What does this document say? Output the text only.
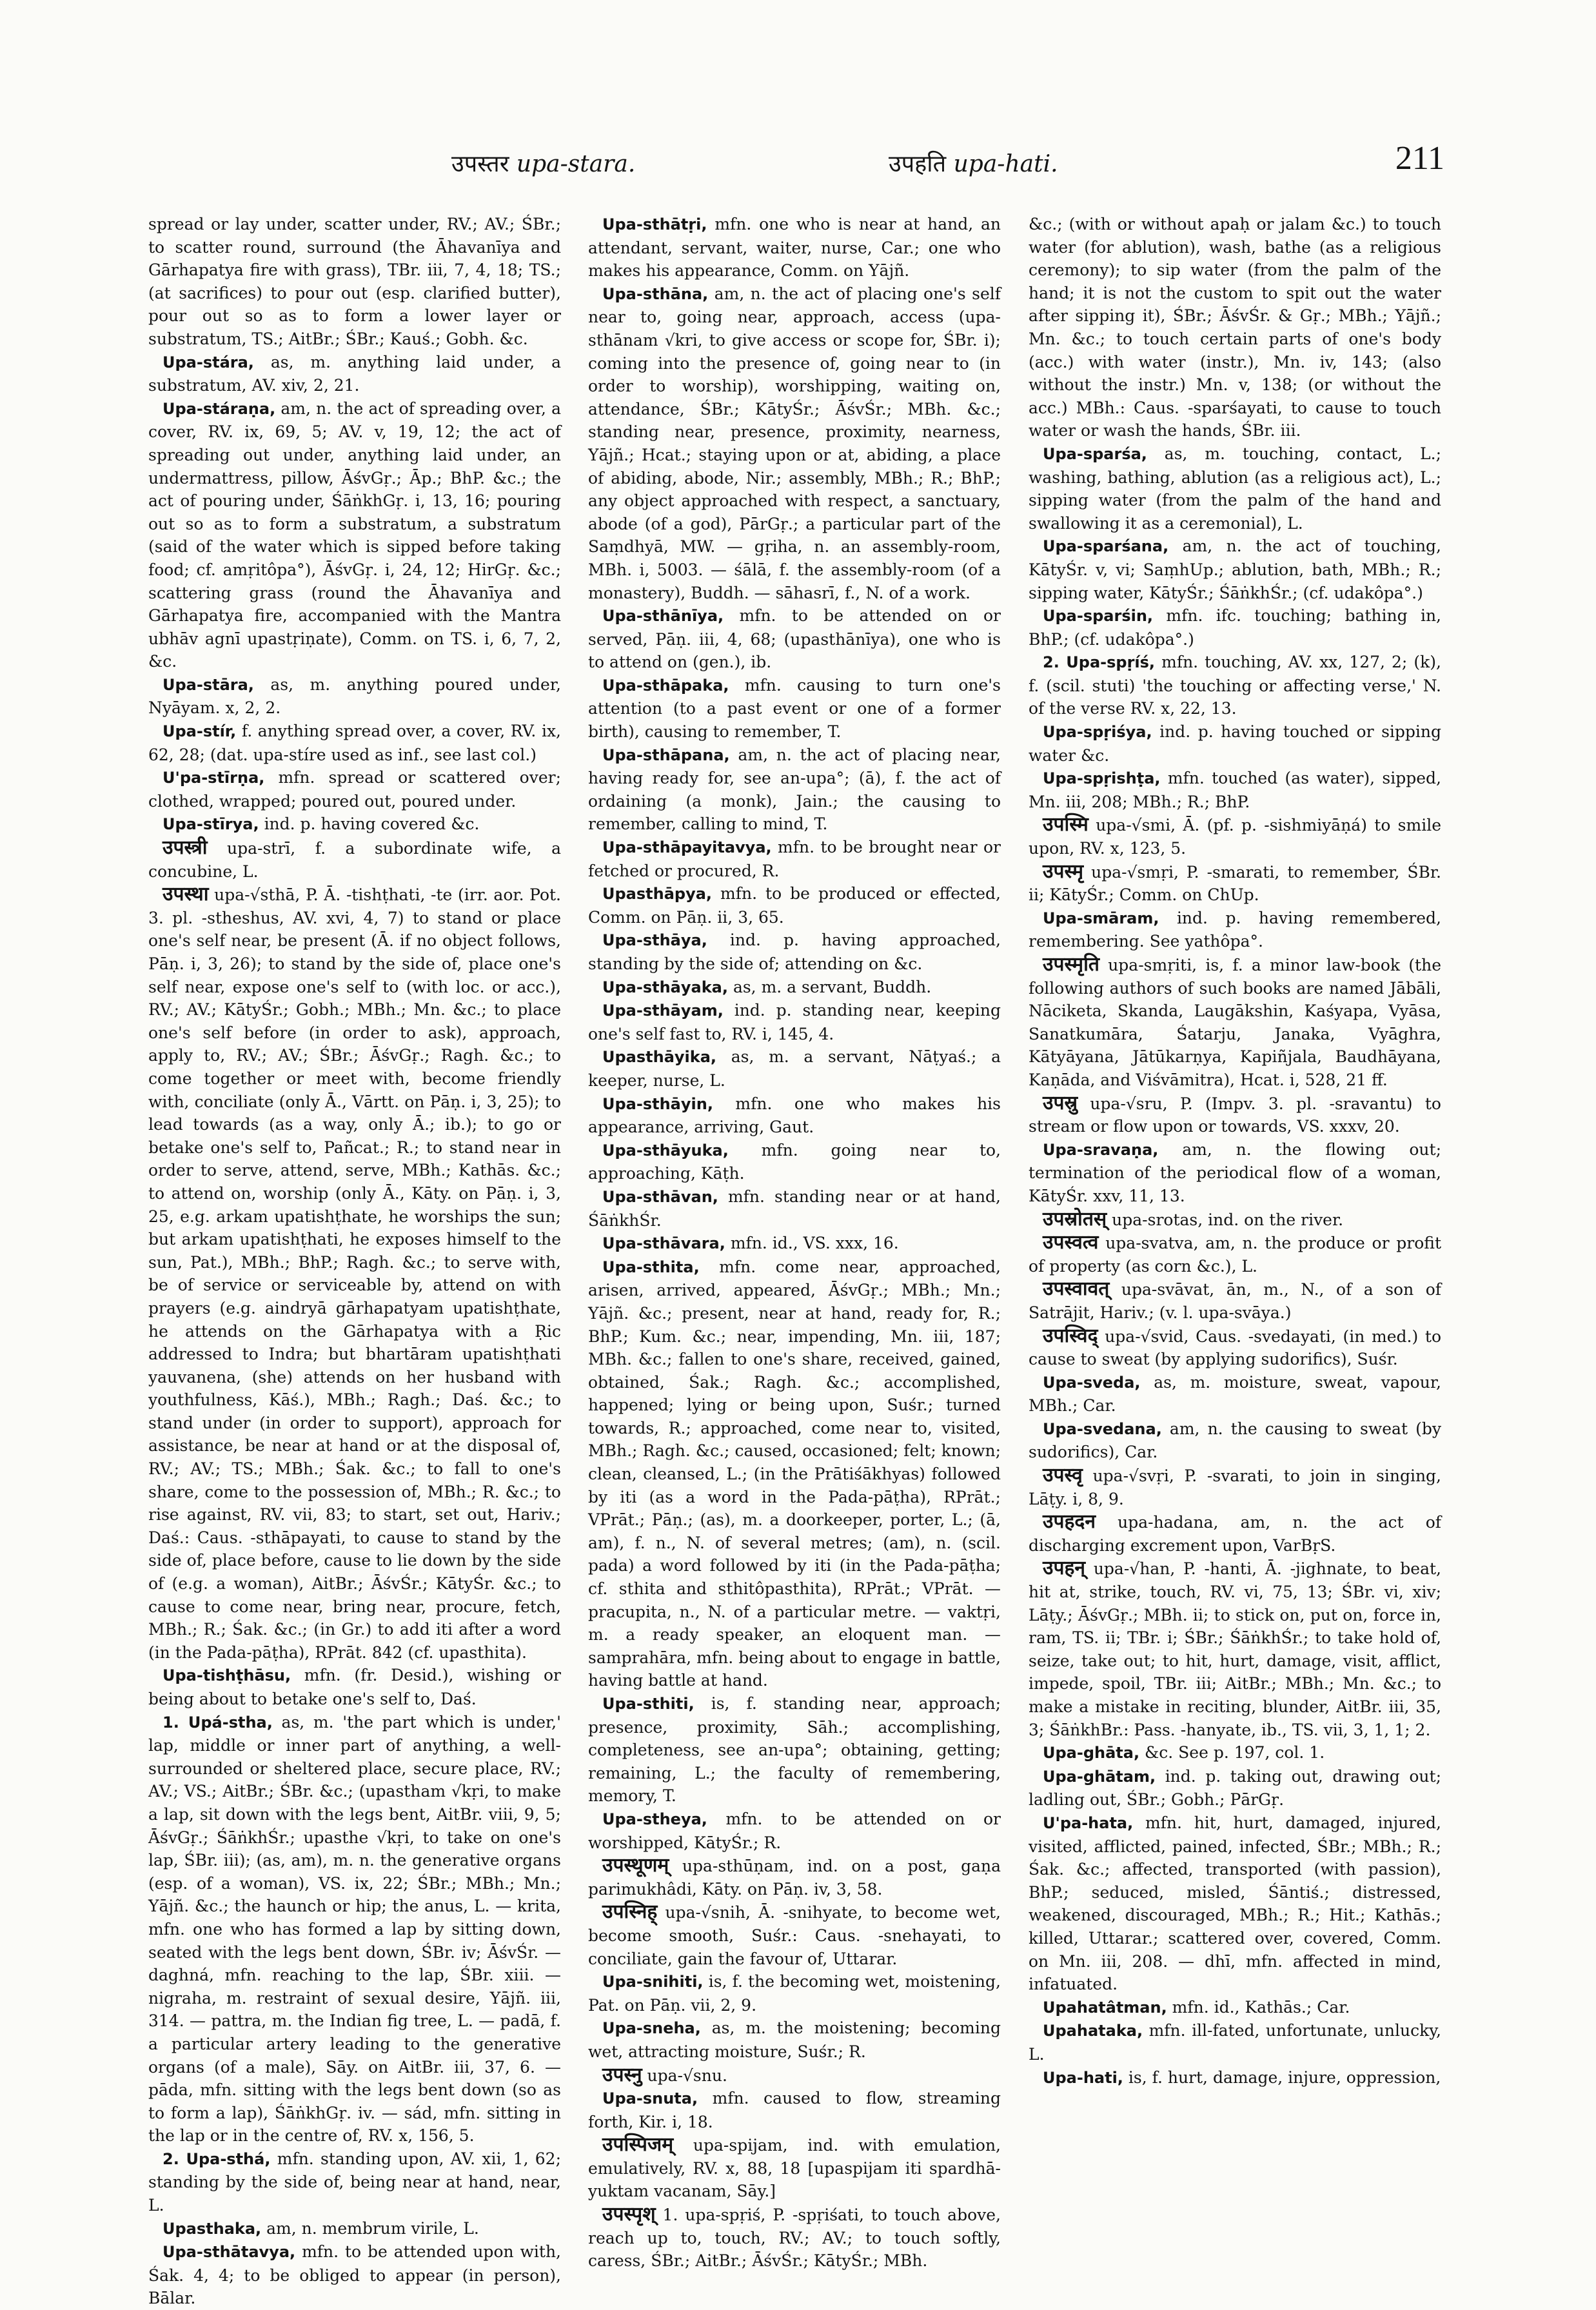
उपस्तर upa-stara.	उपहति upa-hati.	211

spread or lay under, scatter under, RV.; AV.; ŚBr.; to scatter round, surround (the Āhavanīya and Gārhapatya fire with grass), TBr. iii, 7, 4, 18; TS.; (at sacrifices) to pour out (esp. clarified butter), pour out so as to form a lower layer or substratum, TS.; AitBr.; ŚBr.; Kauś.; Gobh. &c.

Upa-stára, as, m. anything laid under, a substratum, AV. xiv, 2, 21.

Upa-stáraṇa, am, n. the act of spreading over, a cover, RV. ix, 69, 5; AV. v, 19, 12; the act of spreading out under, anything laid under, an undermattress, pillow, ĀśvGṛ.; Āp.; BhP. &c.; the act of pouring under, ŚāṅkhGṛ. i, 13, 16; pouring out so as to form a substratum, a substratum (said of the water which is sipped before taking food; cf. amṛitôpa°), ĀśvGṛ. i, 24, 12; HirGṛ. &c.; scattering grass (round the Āhavanīya and Gārhapatya fire, accompanied with the Mantra ubhāv agnī upastṛiṇate), Comm. on TS. i, 6, 7, 2, &c.

Upa-stāra, as, m. anything poured under, Nyāyam. x, 2, 2.

Upa-stír, f. anything spread over, a cover, RV. ix, 62, 28; (dat. upa-stíre used as inf., see last col.)

U'pa-stīrṇa, mfn. spread or scattered over; clothed, wrapped; poured out, poured under.

Upa-stīrya, ind. p. having covered &c.

उपस्त्री upa-strī, f. a subordinate wife, a concubine, L.

उपस्था upa-√sthā, P. Ā. -tishṭhati, -te (irr. aor. Pot. 3. pl. -stheshus, AV. xvi, 4, 7) to stand or place one's self near, be present (Ā. if no object follows, Pāṇ. i, 3, 26); to stand by the side of, place one's self near, expose one's self to (with loc. or acc.), RV.; AV.; KātyŚr.; Gobh.; MBh.; Mn. &c.; to place one's self before (in order to ask), approach, apply to, RV.; AV.; ŚBr.; ĀśvGṛ.; Ragh. &c.; to come together or meet with, become friendly with, conciliate (only Ā., Vārtt. on Pāṇ. i, 3, 25); to lead towards (as a way, only Ā.; ib.); to go or betake one's self to, Pañcat.; R.; to stand near in order to serve, attend, serve, MBh.; Kathās. &c.; to attend on, worship (only Ā., Kāty. on Pāṇ. i, 3, 25, e.g. arkam upatishṭhate, he worships the sun; but arkam upatishṭhati, he exposes himself to the sun, Pat.), MBh.; BhP.; Ragh. &c.; to serve with, be of service or serviceable by, attend on with prayers (e.g. aindryā gārhapatyam upatishṭhate, he attends on the Gārhapatya with a Ṛic addressed to Indra; but bhartāram upatishṭhati yauvanena, (she) attends on her husband with youthfulness, Kāś.), MBh.; Ragh.; Daś. &c.; to stand under (in order to support), approach for assistance, be near at hand or at the disposal of, RV.; AV.; TS.; MBh.; Śak. &c.; to fall to one's share, come to the possession of, MBh.; R. &c.; to rise against, RV. vii, 83; to start, set out, Hariv.; Daś.: Caus. -sthāpayati, to cause to stand by the side of, place before, cause to lie down by the side of (e.g. a woman), AitBr.; ĀśvŚr.; KātyŚr. &c.; to cause to come near, bring near, procure, fetch, MBh.; R.; Śak. &c.; (in Gr.) to add iti after a word (in the Pada-pāṭha), RPrāt. 842 (cf. upasthita).

Upa-tishṭhāsu, mfn. (fr. Desid.), wishing or being about to betake one's self to, Daś.

1. Upá-stha, as, m. 'the part which is under,' lap, middle or inner part of anything, a well-surrounded or sheltered place, secure place, RV.; AV.; VS.; AitBr.; ŚBr. &c.; (upastham √kṛi, to make a lap, sit down with the legs bent, AitBr. viii, 9, 5; ĀśvGṛ.; ŚāṅkhŚr.; upasthe √kṛi, to take on one's lap, ŚBr. iii); (as, am), m. n. the generative organs (esp. of a woman), VS. ix, 22; ŚBr.; MBh.; Mn.; Yājñ. &c.; the haunch or hip; the anus, L. — krita, mfn. one who has formed a lap by sitting down, seated with the legs bent down, ŚBr. iv; ĀśvŚr. — daghná, mfn. reaching to the lap, ŚBr. xiii. — nigraha, m. restraint of sexual desire, Yājñ. iii, 314. — pattra, m. the Indian fig tree, L. — padā, f. a particular artery leading to the generative organs (of a male), Sāy. on AitBr. iii, 37, 6. — pāda, mfn. sitting with the legs bent down (so as to form a lap), ŚāṅkhGṛ. iv. — sád, mfn. sitting in the lap or in the centre of, RV. x, 156, 5.

2. Upa-sthá, mfn. standing upon, AV. xii, 1, 62; standing by the side of, being near at hand, near, L.

Upasthaka, am, n. membrum virile, L.

Upa-sthātavya, mfn. to be attended upon with, Śak. 4, 4; to be obliged to appear (in person), Bālar.

Upa-sthātṛi, mfn. one who is near at hand, an attendant, servant, waiter, nurse, Car.; one who makes his appearance, Comm. on Yājñ.

Upa-sthāna, am, n. the act of placing one's self near to, going near, approach, access (upa-sthānam √kri, to give access or scope for, ŚBr. i); coming into the presence of, going near to (in order to worship), worshipping, waiting on, attendance, ŚBr.; KātyŚr.; ĀśvŚr.; MBh. &c.; standing near, presence, proximity, nearness, Yājñ.; Hcat.; staying upon or at, abiding, a place of abiding, abode, Nir.; assembly, MBh.; R.; BhP.; any object approached with respect, a sanctuary, abode (of a god), PārGṛ.; a particular part of the Saṃdhyā, MW. — gṛiha, n. an assembly-room, MBh. i, 5003. — śālā, f. the assembly-room (of a monastery), Buddh. — sāhasrī, f., N. of a work.

Upa-sthānīya, mfn. to be attended on or served, Pāṇ. iii, 4, 68; (upasthānīya), one who is to attend on (gen.), ib.

Upa-sthāpaka, mfn. causing to turn one's attention (to a past event or one of a former birth), causing to remember, T.

Upa-sthāpana, am, n. the act of placing near, having ready for, see an-upa°; (ā), f. the act of ordaining (a monk), Jain.; the causing to remember, calling to mind, T.

Upa-sthāpayitavya, mfn. to be brought near or fetched or procured, R.

Upasthāpya, mfn. to be produced or effected, Comm. on Pāṇ. ii, 3, 65.

Upa-sthāya, ind. p. having approached, standing by the side of; attending on &c.

Upa-sthāyaka, as, m. a servant, Buddh.

Upa-sthāyam, ind. p. standing near, keeping one's self fast to, RV. i, 145, 4.

Upasthāyika, as, m. a servant, Nāṭyaś.; a keeper, nurse, L.

Upa-sthāyin, mfn. one who makes his appearance, arriving, Gaut.

Upa-sthāyuka, mfn. going near to, approaching, Kāṭh.

Upa-sthāvan, mfn. standing near or at hand, ŚāṅkhŚr.

Upa-sthāvara, mfn. id., VS. xxx, 16.

Upa-sthita, mfn. come near, approached, arisen, arrived, appeared, ĀśvGṛ.; MBh.; Mn.; Yājñ. &c.; present, near at hand, ready for, R.; BhP.; Kum. &c.; near, impending, Mn. iii, 187; MBh. &c.; fallen to one's share, received, gained, obtained, Śak.; Ragh. &c.; accomplished, happened; lying or being upon, Suśr.; turned towards, R.; approached, come near to, visited, MBh.; Ragh. &c.; caused, occasioned; felt; known; clean, cleansed, L.; (in the Prātiśākhyas) followed by iti (as a word in the Pada-pāṭha), RPrāt.; VPrāt.; Pāṇ.; (as), m. a doorkeeper, porter, L.; (ā, am), f. n., N. of several metres; (am), n. (scil. pada) a word followed by iti (in the Pada-pāṭha; cf. sthita and sthitôpasthita), RPrāt.; VPrāt. — pracupita, n., N. of a particular metre. — vaktṛi, m. a ready speaker, an eloquent man. — samprahāra, mfn. being about to engage in battle, having battle at hand.

Upa-sthiti, is, f. standing near, approach; presence, proximity, Sāh.; accomplishing, completeness, see an-upa°; obtaining, getting; remaining, L.; the faculty of remembering, memory, T.

Upa-stheya, mfn. to be attended on or worshipped, KātyŚr.; R.

उपस्थूणम् upa-sthūṇam, ind. on a post, gaṇa parimukhâdi, Kāty. on Pāṇ. iv, 3, 58.

उपस्निह् upa-√snih, Ā. -snihyate, to become wet, become smooth, Suśr.: Caus. -snehayati, to conciliate, gain the favour of, Uttarar.

Upa-snihiti, is, f. the becoming wet, moistening, Pat. on Pāṇ. vii, 2, 9.

Upa-sneha, as, m. the moistening; becoming wet, attracting moisture, Suśr.; R.

उपस्नु upa-√snu.

Upa-snuta, mfn. caused to flow, streaming forth, Kir. i, 18.

उपस्पिजम् upa-spijam, ind. with emulation, emulatively, RV. x, 88, 18 [upaspijam iti spardhā-yuktam vacanam, Sāy.]

उपस्पृश् 1. upa-spṛiś, P. -spṛiśati, to touch above, reach up to, touch, RV.; AV.; to touch softly, caress, ŚBr.; AitBr.; ĀśvŚr.; KātyŚr.; MBh.

&c.; (with or without apaḥ or jalam &c.) to touch water (for ablution), wash, bathe (as a religious ceremony); to sip water (from the palm of the hand; it is not the custom to spit out the water after sipping it), ŚBr.; ĀśvŚr. & Gṛ.; MBh.; Yājñ.; Mn. &c.; to touch certain parts of one's body (acc.) with water (instr.), Mn. iv, 143; (also without the instr.) Mn. v, 138; (or without the acc.) MBh.: Caus. -sparśayati, to cause to touch water or wash the hands, ŚBr. iii.

Upa-sparśa, as, m. touching, contact, L.; washing, bathing, ablution (as a religious act), L.; sipping water (from the palm of the hand and swallowing it as a ceremonial), L.

Upa-sparśana, am, n. the act of touching, KātyŚr. v, vi; SaṃhUp.; ablution, bath, MBh.; R.; sipping water, KātyŚr.; ŚāṅkhŚr.; (cf. udakôpa°.)

Upa-sparśin, mfn. ifc. touching; bathing in, BhP.; (cf. udakôpa°.)

2. Upa-spṛíś, mfn. touching, AV. xx, 127, 2; (k), f. (scil. stuti) 'the touching or affecting verse,' N. of the verse RV. x, 22, 13.

Upa-spṛiśya, ind. p. having touched or sipping water &c.

Upa-spṛishṭa, mfn. touched (as water), sipped, Mn. iii, 208; MBh.; R.; BhP.

उपस्मि upa-√smi, Ā. (pf. p. -sishmiyāṇá) to smile upon, RV. x, 123, 5.

उपस्मृ upa-√smṛi, P. -smarati, to remember, ŚBr. ii; KātyŚr.; Comm. on ChUp.

Upa-smāram, ind. p. having remembered, remembering. See yathôpa°.

उपस्मृति upa-smṛiti, is, f. a minor law-book (the following authors of such books are named Jābāli, Nāciketa, Skanda, Laugākshin, Kaśyapa, Vyāsa, Sanatkumāra, Śatarju, Janaka, Vyāghra, Kātyāyana, Jātūkarṇya, Kapiñjala, Baudhāyana, Kaṇāda, and Viśvāmitra), Hcat. i, 528, 21 ff.

उपस्रु upa-√sru, P. (Impv. 3. pl. -sravantu) to stream or flow upon or towards, VS. xxxv, 20.

Upa-sravaṇa, am, n. the flowing out; termination of the periodical flow of a woman, KātyŚr. xxv, 11, 13.

उपस्रोतस् upa-srotas, ind. on the river.

उपस्वत्व upa-svatva, am, n. the produce or profit of property (as corn &c.), L.

उपस्वावत् upa-svāvat, ān, m., N., of a son of Satrājit, Hariv.; (v. l. upa-svāya.)

उपस्विद् upa-√svid, Caus. -svedayati, (in med.) to cause to sweat (by applying sudorifics), Suśr.

Upa-sveda, as, m. moisture, sweat, vapour, MBh.; Car.

Upa-svedana, am, n. the causing to sweat (by sudorifics), Car.

उपस्वृ upa-√svṛi, P. -svarati, to join in singing, Lāṭy. i, 8, 9.

उपहदन upa-hadana, am, n. the act of discharging excrement upon, VarBṛS.

उपहन् upa-√han, P. -hanti, Ā. -jighnate, to beat, hit at, strike, touch, RV. vi, 75, 13; ŚBr. vi, xiv; Lāṭy.; ĀśvGṛ.; MBh. ii; to stick on, put on, force in, ram, TS. ii; TBr. i; ŚBr.; ŚāṅkhŚr.; to take hold of, seize, take out; to hit, hurt, damage, visit, afflict, impede, spoil, TBr. iii; AitBr.; MBh.; Mn. &c.; to make a mistake in reciting, blunder, AitBr. iii, 35, 3; ŚāṅkhBr.: Pass. -hanyate, ib., TS. vii, 3, 1, 1; 2.

Upa-ghāta, &c. See p. 197, col. 1.

Upa-ghātam, ind. p. taking out, drawing out; ladling out, ŚBr.; Gobh.; PārGṛ.

U'pa-hata, mfn. hit, hurt, damaged, injured, visited, afflicted, pained, infected, ŚBr.; MBh.; R.; Śak. &c.; affected, transported (with passion), BhP.; seduced, misled, Śāntiś.; distressed, weakened, discouraged, MBh.; R.; Hit.; Kathās.; killed, Uttarar.; scattered over, covered, Comm. on Mn. iii, 208. — dhī, mfn. affected in mind, infatuated.

Upahatâtman, mfn. id., Kathās.; Car.

Upahataka, mfn. ill-fated, unfortunate, unlucky, L.

Upa-hati, is, f. hurt, damage, injure, oppression,
